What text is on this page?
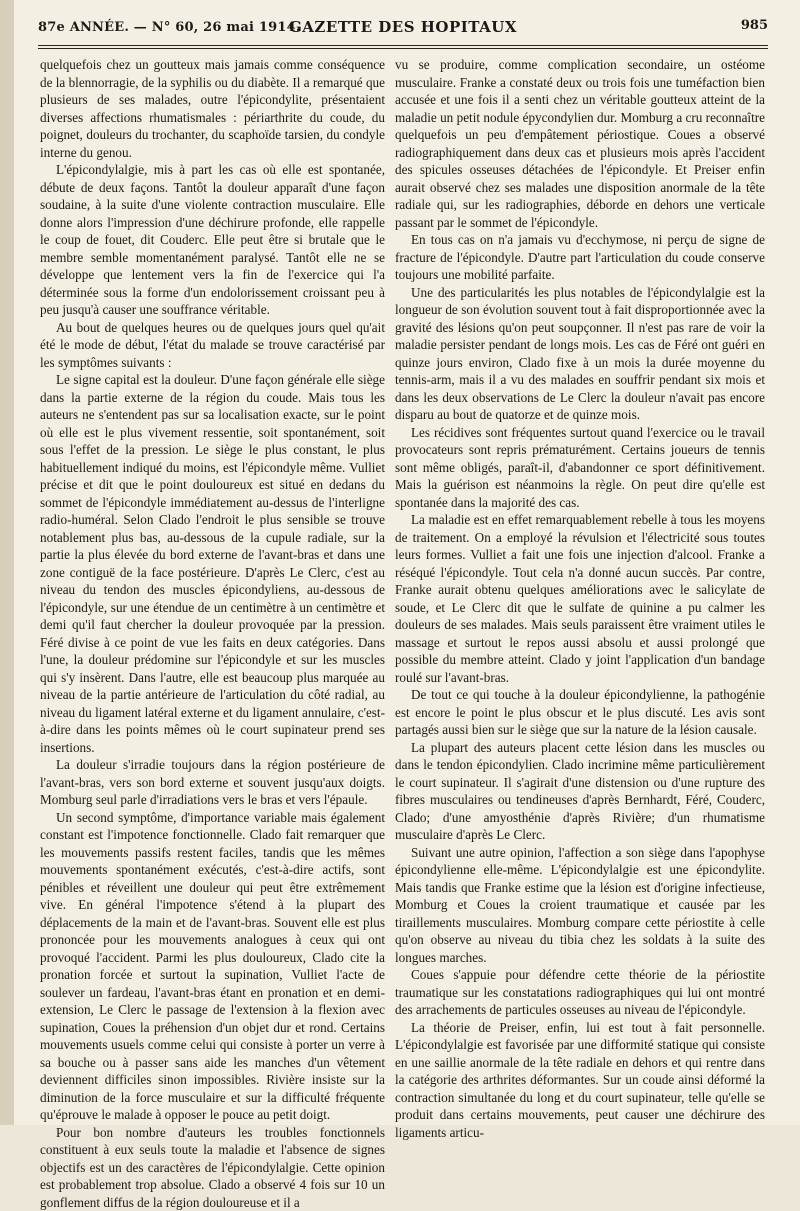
87e ANNÉE. — N° 60, 26 mai 1914.
GAZETTE DES HOPITAUX	985

quelquefois chez un goutteux mais jamais comme conséquence de la blennorragie, de la syphilis ou du diabète. Il a remarqué que plusieurs de ses malades, outre l'épicondylite, présentaient diverses affections rhumatismales : périarthrite du coude, du poignet, douleurs du trochanter, du scaphoïde tarsien, du condyle interne du genou.

L'épicondylalgie, mis à part les cas où elle est spontanée, débute de deux façons. Tantôt la douleur apparaît d'une façon soudaine, à la suite d'une violente contraction musculaire. Elle donne alors l'impression d'une déchirure profonde, elle rappelle le coup de fouet, dit Couderc. Elle peut être si brutale que le membre semble momentanément paralysé. Tantôt elle ne se développe que lentement vers la fin de l'exercice qui l'a déterminée sous la forme d'un endolorissement croissant peu à peu jusqu'à causer une souffrance véritable.

Au bout de quelques heures ou de quelques jours quel qu'ait été le mode de début, l'état du malade se trouve caractérisé par les symptômes suivants :

Le signe capital est la douleur. D'une façon générale elle siège dans la partie externe de la région du coude. Mais tous les auteurs ne s'entendent pas sur sa localisation exacte, sur le point où elle est le plus vivement ressentie, soit spontanément, soit sous l'effet de la pression. Le siège le plus constant, le plus habituellement indiqué du moins, est l'épicondyle même. Vulliet précise et dit que le point douloureux est situé en dedans du sommet de l'épicondyle immédiatement au-dessus de l'interligne radio-huméral. Selon Clado l'endroit le plus sensible se trouve notablement plus bas, au-dessous de la cupule radiale, sur la partie la plus élevée du bord externe de l'avant-bras et dans une zone contiguë de la face postérieure. D'après Le Clerc, c'est au niveau du tendon des muscles épicondyliens, au-dessous de l'épicondyle, sur une étendue de un centimètre à un centimètre et demi qu'il faut chercher la douleur provoquée par la pression. Féré divise à ce point de vue les faits en deux catégories. Dans l'une, la douleur prédomine sur l'épicondyle et sur les muscles qui s'y insèrent. Dans l'autre, elle est beaucoup plus marquée au niveau de la partie antérieure de l'articulation du côté radial, au niveau du ligament latéral externe et du ligament annulaire, c'est-à-dire dans les points mêmes où le court supinateur prend ses insertions.

La douleur s'irradie toujours dans la région postérieure de l'avant-bras, vers son bord externe et souvent jusqu'aux doigts. Momburg seul parle d'irradiations vers le bras et vers l'épaule.

Un second symptôme, d'importance variable mais également constant est l'impotence fonctionnelle. Clado fait remarquer que les mouvements passifs restent faciles, tandis que les mêmes mouvements spontanément exécutés, c'est-à-dire actifs, sont pénibles et réveillent une douleur qui peut être extrêmement vive. En général l'impotence s'étend à la plupart des déplacements de la main et de l'avant-bras. Souvent elle est plus prononcée pour les mouvements analogues à ceux qui ont provoqué l'accident. Parmi les plus douloureux, Clado cite la pronation forcée et surtout la supination, Vulliet l'acte de soulever un fardeau, l'avant-bras étant en pronation et en demi-extension, Le Clerc le passage de l'extension à la flexion avec supination, Coues la préhension d'un objet dur et rond. Certains mouvements usuels comme celui qui consiste à porter un verre à sa bouche ou à passer sans aide les manches d'un vêtement deviennent difficiles sinon impossibles. Rivière insiste sur la diminution de la force musculaire et sur la difficulté fréquente qu'éprouve le malade à opposer le pouce au petit doigt.

Pour bon nombre d'auteurs les troubles fonctionnels constituent à eux seuls toute la maladie et l'absence de signes objectifs est un des caractères de l'épicondylalgie. Cette opinion est probablement trop absolue. Clado a observé 4 fois sur 10 un gonflement diffus de la région douloureuse et il a

vu se produire, comme complication secondaire, un ostéome musculaire. Franke a constaté deux ou trois fois une tuméfaction bien accusée et une fois il a senti chez un véritable goutteux atteint de la maladie un petit nodule épycondylien dur. Momburg a cru reconnaître quelquefois un peu d'empâtement périostique. Coues a observé radiographiquement dans deux cas et plusieurs mois après l'accident des spicules osseuses détachées de l'épicondyle. Et Preiser enfin aurait observé chez ses malades une disposition anormale de la tête radiale qui, sur les radiographies, déborde en dehors une verticale passant par le sommet de l'épicondyle.

En tous cas on n'a jamais vu d'ecchymose, ni perçu de signe de fracture de l'épicondyle. D'autre part l'articulation du coude conserve toujours une mobilité parfaite.

Une des particularités les plus notables de l'épicondylalgie est la longueur de son évolution souvent tout à fait disproportionnée avec la gravité des lésions qu'on peut soupçonner. Il n'est pas rare de voir la maladie persister pendant de longs mois. Les cas de Féré ont guéri en quinze jours environ, Clado fixe à un mois la durée moyenne du tennis-arm, mais il a vu des malades en souffrir pendant six mois et dans les deux observations de Le Clerc la douleur n'avait pas encore disparu au bout de quatorze et de quinze mois.

Les récidives sont fréquentes surtout quand l'exercice ou le travail provocateurs sont repris prématurément. Certains joueurs de tennis sont même obligés, paraît-il, d'abandonner ce sport définitivement. Mais la guérison est néanmoins la règle. On peut dire qu'elle est spontanée dans la majorité des cas.

La maladie est en effet remarquablement rebelle à tous les moyens de traitement. On a employé la révulsion et l'électricité sous toutes leurs formes. Vulliet a fait une fois une injection d'alcool. Franke a réséqué l'épicondyle. Tout cela n'a donné aucun succès. Par contre, Franke aurait obtenu quelques améliorations avec le salicylate de soude, et Le Clerc dit que le sulfate de quinine a pu calmer les douleurs de ses malades. Mais seuls paraissent être vraiment utiles le massage et surtout le repos aussi absolu et aussi prolongé que possible du membre atteint. Clado y joint l'application d'un bandage roulé sur l'avant-bras.

De tout ce qui touche à la douleur épicondylienne, la pathogénie est encore le point le plus obscur et le plus discuté. Les avis sont partagés aussi bien sur le siège que sur la nature de la lésion causale.

La plupart des auteurs placent cette lésion dans les muscles ou dans le tendon épicondylien. Clado incrimine même particulièrement le court supinateur. Il s'agirait d'une distension ou d'une rupture des fibres musculaires ou tendineuses d'après Bernhardt, Féré, Couderc, Clado; d'une amyosthénie d'après Rivière; d'un rhumatisme musculaire d'après Le Clerc.

Suivant une autre opinion, l'affection a son siège dans l'apophyse épicondylienne elle-même. L'épicondylalgie est une épicondylite. Mais tandis que Franke estime que la lésion est d'origine infectieuse, Momburg et Coues la croient traumatique et causée par les tiraillements musculaires. Momburg compare cette périostite à celle qu'on observe au niveau du tibia chez les soldats à la suite des longues marches.

Coues s'appuie pour défendre cette théorie de la périostite traumatique sur les constatations radiographiques qui lui ont montré des arrachements de particules osseuses au niveau de l'épicondyle.

La théorie de Preiser, enfin, lui est tout à fait personnelle. L'épicondylalgie est favorisée par une difformité statique qui consiste en une saillie anormale de la tête radiale en dehors et qui rentre dans la catégorie des arthrites déformantes. Sur un coude ainsi déformé la contraction simultanée du long et du court supinateur, telle qu'elle se produit dans certains mouvements, peut causer une déchirure des ligaments articu-
